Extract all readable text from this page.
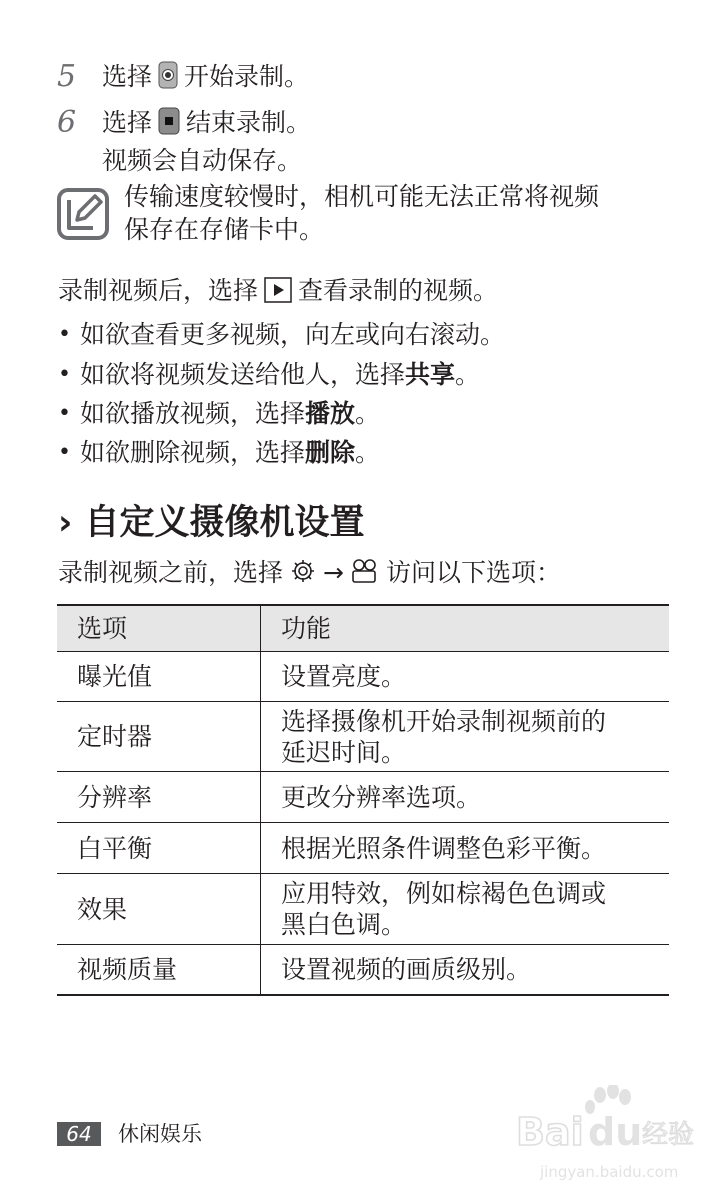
5 选择 开始录制。
6 选择 结束录制。
视频会自动保存。
传输速度较慢时，相机可能无法正常将视频
保存在存储卡中。
录制视频后，选择 查看录制的视频。
• 如欲查看更多视频，向左或向右滚动。
• 如欲将视频发送给他人，选择共享。
• 如欲播放视频，选择播放。
• 如欲删除视频，选择删除。
› 自定义摄像机设置
录制视频之前，选择 → 访问以下选项：
选项	功能
曝光值	设置亮度。
定时器	选择摄像机开始录制视频前的
延迟时间。

分辨率	更改分辨率选项。
白平衡	根据光照条件调整色彩平衡。
效果	应用特效，例如棕褐色色调或
黑白色调。

视频质量	设置视频的画质级别。
64	休闲娱乐	Bai du 经验
jingyan.baidu.com
